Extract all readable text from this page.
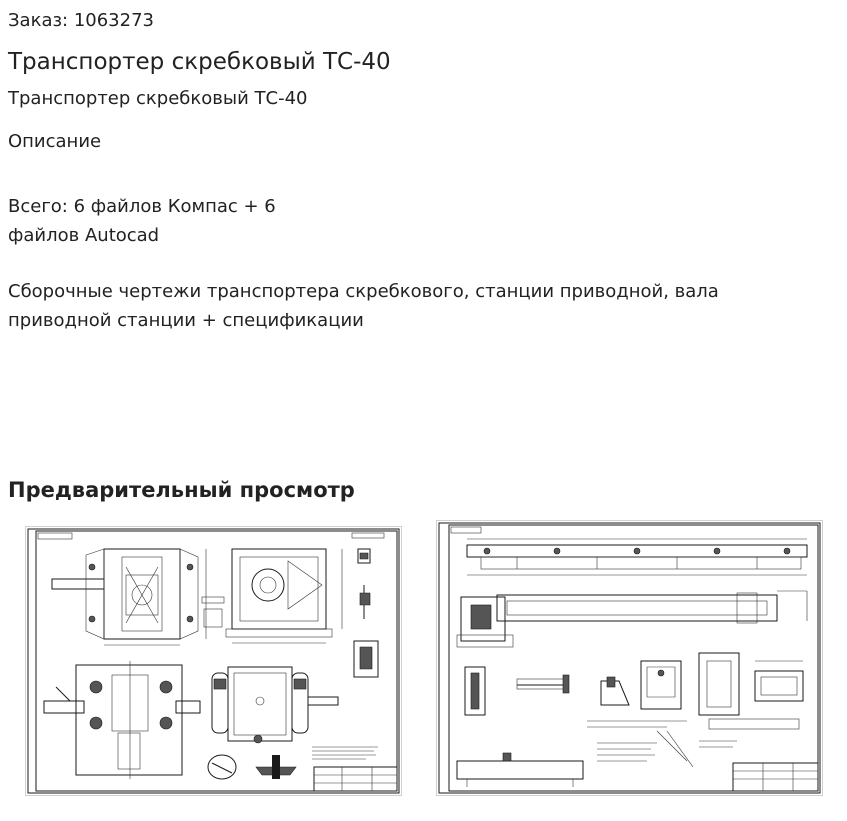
Заказ: 1063273
Транспортер скребковый ТС-40
Транспортер скребковый ТС-40
Описание
Всего: 6 файлов Компас + 6 файлов Autocad
Сборочные чертежи транспортера скребкового, станции приводной, вала приводной станции + спецификации
Предварительный просмотр
